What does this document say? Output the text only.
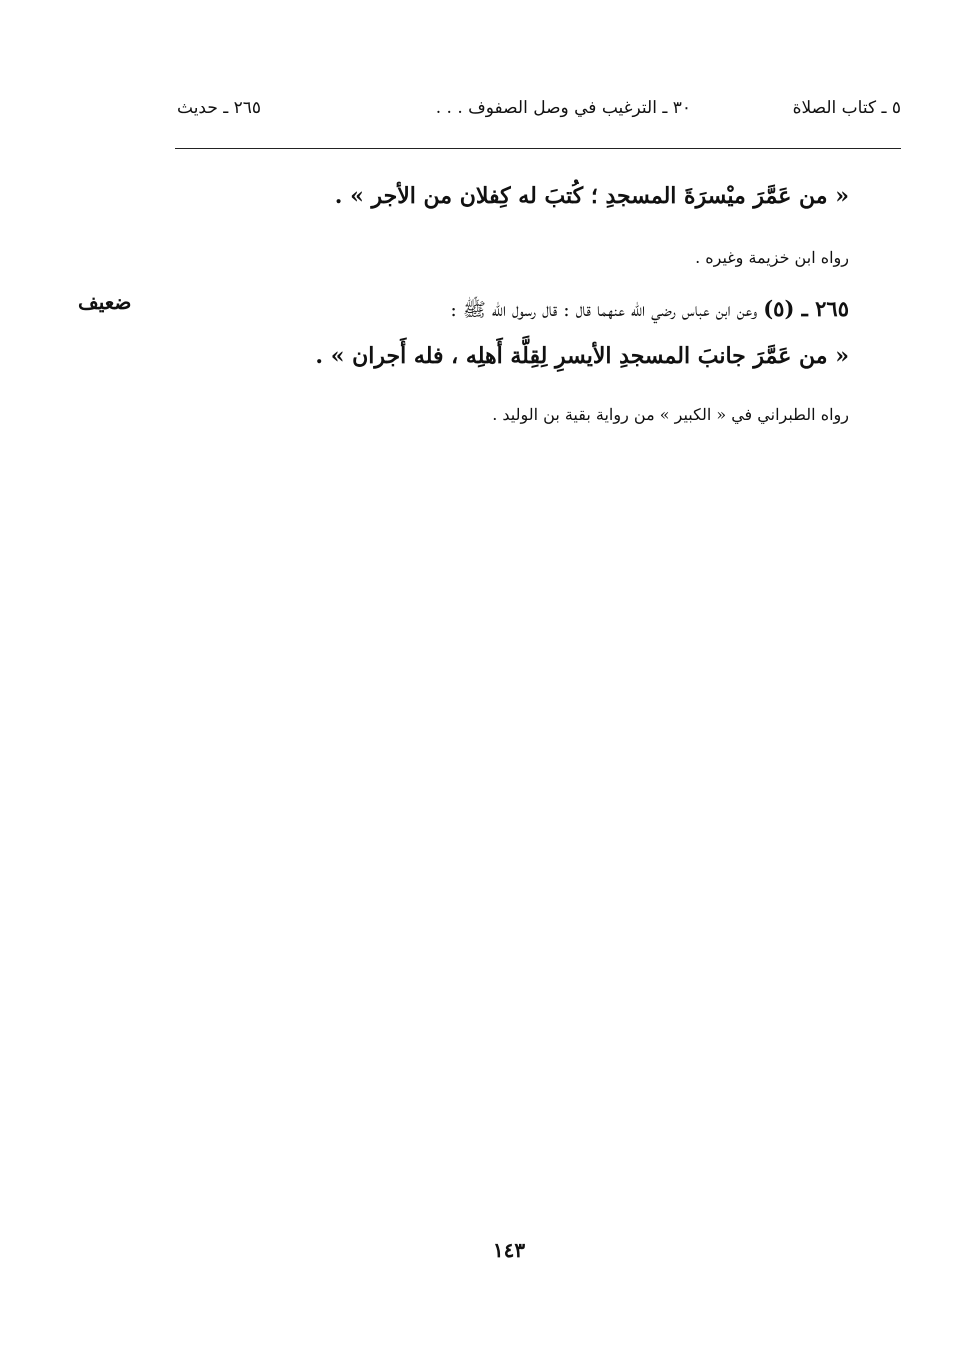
٥ ـ كتاب الصلاة
٣٠ ـ الترغيب في وصل الصفوف . . .
٢٦٥ ـ حديث
« من عَمَّرَ ميْسرَةَ المسجدِ ؛ كُتبَ له كِفلان من الأجر » .
رواه ابن خزيمة وغيره .
٢٦٥ ـ (٥) وعن ابن عباس رضي الله عنهما قال : قال رسول الله ﷺ :
ضعيف
« من عَمَّرَ جانبَ المسجدِ الأيسرِ لِقِلَّة أَهلِه ، فله أَجران » .
رواه الطبراني في « الكبير » من رواية بقية بن الوليد .
١٤٣
